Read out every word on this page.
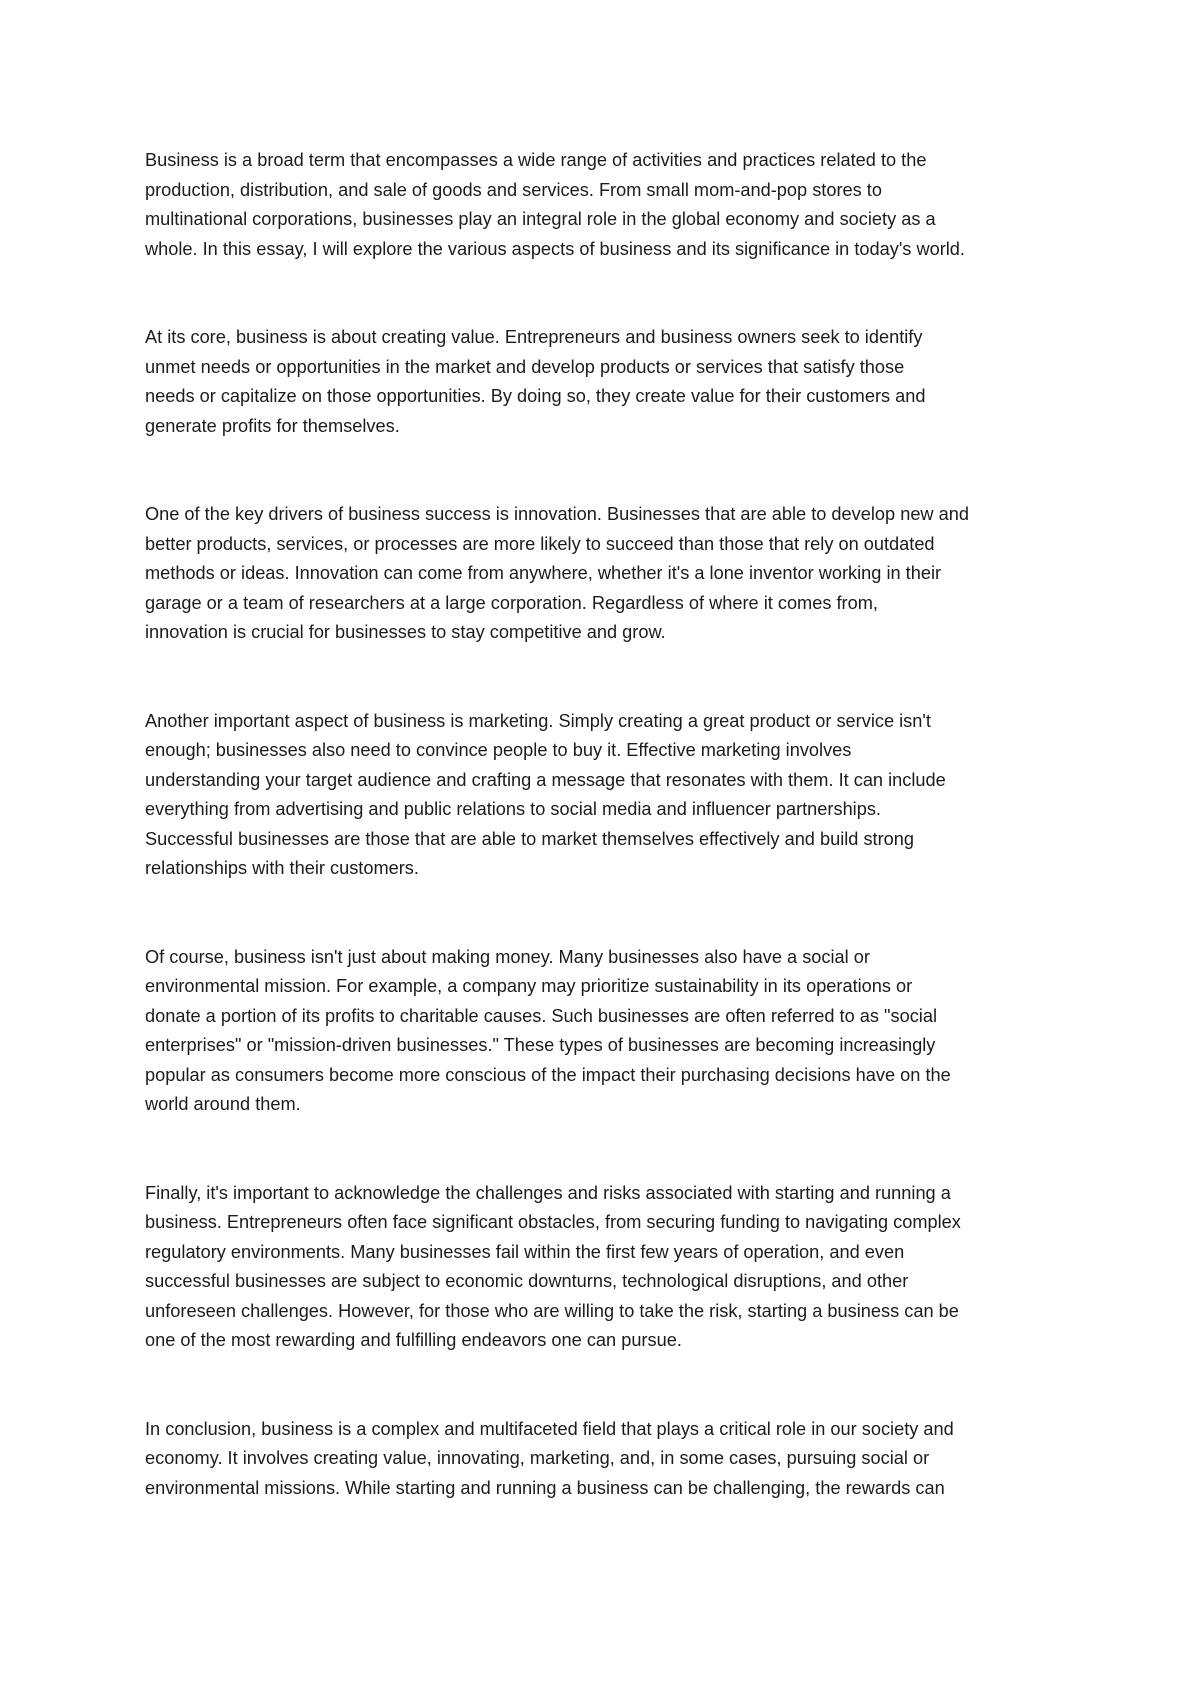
Business is a broad term that encompasses a wide range of activities and practices related to the
production, distribution, and sale of goods and services. From small mom-and-pop stores to
multinational corporations, businesses play an integral role in the global economy and society as a
whole. In this essay, I will explore the various aspects of business and its significance in today's world.

At its core, business is about creating value. Entrepreneurs and business owners seek to identify
unmet needs or opportunities in the market and develop products or services that satisfy those
needs or capitalize on those opportunities. By doing so, they create value for their customers and
generate profits for themselves.

One of the key drivers of business success is innovation. Businesses that are able to develop new and
better products, services, or processes are more likely to succeed than those that rely on outdated
methods or ideas. Innovation can come from anywhere, whether it's a lone inventor working in their
garage or a team of researchers at a large corporation. Regardless of where it comes from,
innovation is crucial for businesses to stay competitive and grow.

Another important aspect of business is marketing. Simply creating a great product or service isn't
enough; businesses also need to convince people to buy it. Effective marketing involves
understanding your target audience and crafting a message that resonates with them. It can include
everything from advertising and public relations to social media and influencer partnerships.
Successful businesses are those that are able to market themselves effectively and build strong
relationships with their customers.

Of course, business isn't just about making money. Many businesses also have a social or
environmental mission. For example, a company may prioritize sustainability in its operations or
donate a portion of its profits to charitable causes. Such businesses are often referred to as "social
enterprises" or "mission-driven businesses." These types of businesses are becoming increasingly
popular as consumers become more conscious of the impact their purchasing decisions have on the
world around them.

Finally, it's important to acknowledge the challenges and risks associated with starting and running a
business. Entrepreneurs often face significant obstacles, from securing funding to navigating complex
regulatory environments. Many businesses fail within the first few years of operation, and even
successful businesses are subject to economic downturns, technological disruptions, and other
unforeseen challenges. However, for those who are willing to take the risk, starting a business can be
one of the most rewarding and fulfilling endeavors one can pursue.

In conclusion, business is a complex and multifaceted field that plays a critical role in our society and
economy. It involves creating value, innovating, marketing, and, in some cases, pursuing social or
environmental missions. While starting and running a business can be challenging, the rewards can
